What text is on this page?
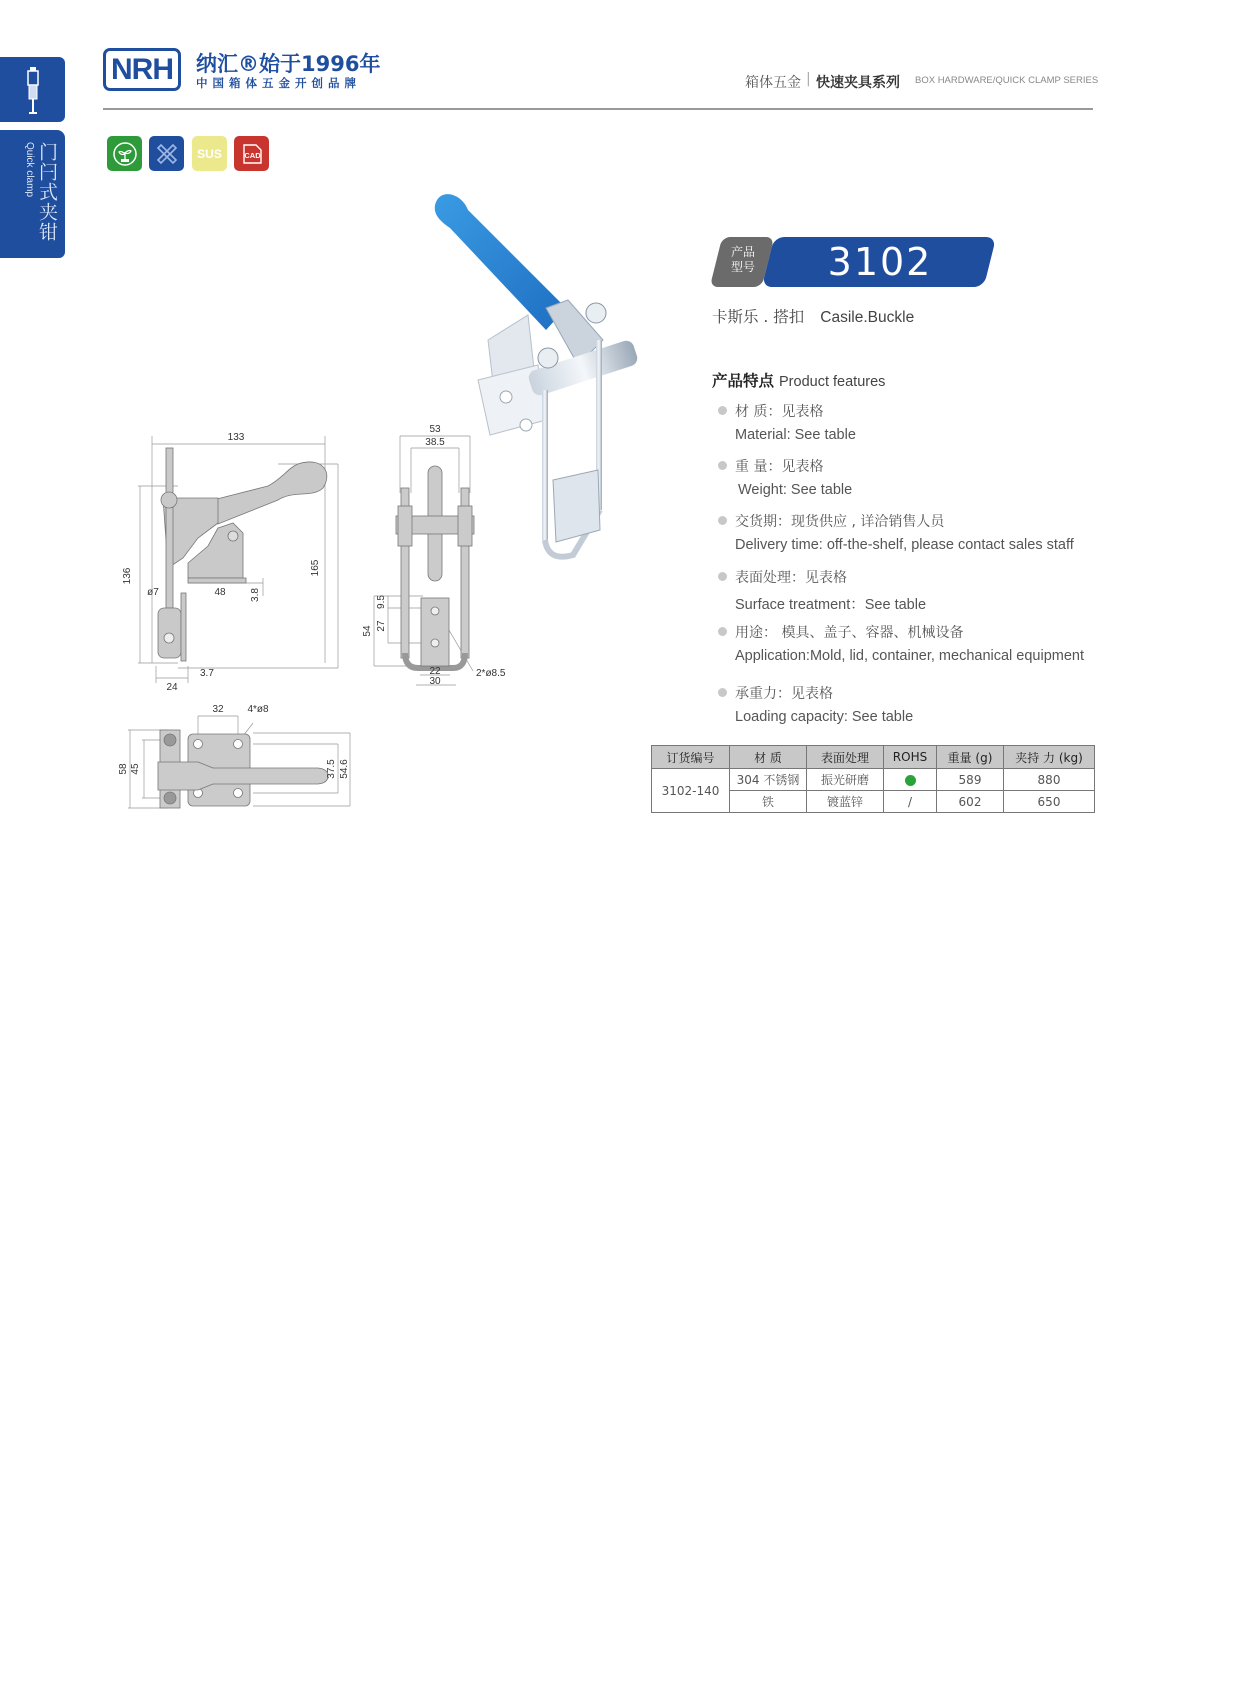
门闩式夹钳
Quick clamp
NRH	纳汇®始于1996年
中国箱体五金开创品牌	箱体五金 | 快速夹具系列 BOX HARDWARE/QUICK CLAMP SERIES
SUS	CAD
产品
型号	3102
卡斯乐 . 搭扣 Casile.Buckle
产品特点 Product features
材 质：见表格
Material: See table
重 量：见表格
Weight: See table
交货期：现货供应 , 详洽销售人员
Delivery time: off-the-shelf, please contact sales staff
表面处理：见表格
Surface treatment：See table
用途： 模具、盖子、容器、机械设备
Application:Mold, lid, container, mechanical equipment
承重力：见表格
Loading capacity: See table
订货编号	材 质	表面处理	ROHS	重量 (g)	夹持 力 (kg)
3102-140	304 不锈钢	振光研磨		589	880
	铁	镀蓝锌	/	602	650
133
136	165
ø7	48 3.8
3.7
24
53
38.5
54 27
9.5
22
30
2*ø8.5
32 4*ø8
58 45	37.5 54.6
